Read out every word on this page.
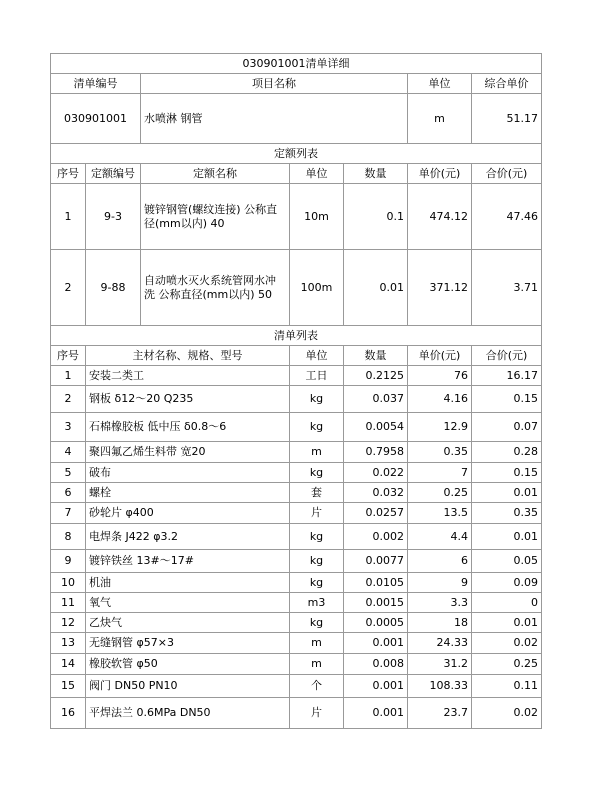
030901001清单详细						
清单编号		项目名称			单位	综合单价
030901001		水喷淋 钢管			m	51.17
定额列表						
序号	定额编号	定额名称	单位	数量	单价(元)	合价(元)
1	9-3	镀锌钢管(螺纹连接) 公称直径(mm以内) 40	10m	0.1	474.12	47.46
2	9-88	自动喷水灭火系统管网水冲洗 公称直径(mm以内) 50	100m	0.01	371.12	3.71
清单列表						
序号	主材名称、规格、型号		单位	数量	单价(元)	合价(元)
1	安装二类工		工日	0.2125	76	16.17
2	钢板 δ12～20 Q235		kg	0.037	4.16	0.15
3	石棉橡胶板 低中压 δ0.8～6		kg	0.0054	12.9	0.07
4	聚四氟乙烯生料带 宽20		m	0.7958	0.35	0.28
5	破布		kg	0.022	7	0.15
6	螺栓		套	0.032	0.25	0.01
7	砂轮片 φ400		片	0.0257	13.5	0.35
8	电焊条 J422 φ3.2		kg	0.002	4.4	0.01
9	镀锌铁丝 13#～17#		kg	0.0077	6	0.05
10	机油		kg	0.0105	9	0.09
11	氧气		m3	0.0015	3.3	0
12	乙炔气		kg	0.0005	18	0.01
13	无缝钢管 φ57×3		m	0.001	24.33	0.02
14	橡胶软管 φ50		m	0.008	31.2	0.25
15	阀门 DN50 PN10		个	0.001	108.33	0.11
16	平焊法兰 0.6MPa DN50		片	0.001	23.7	0.02
